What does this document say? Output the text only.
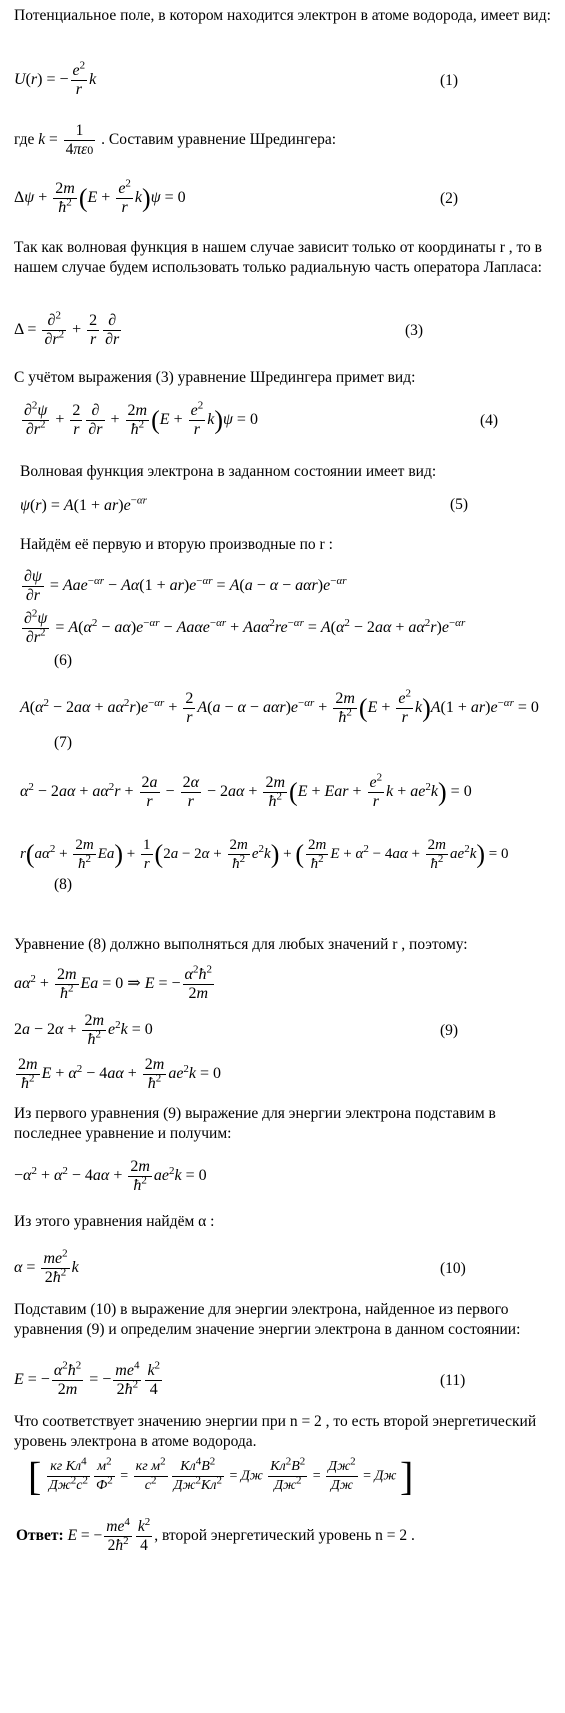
Потенциальное поле, в котором находится электрон в атоме водорода, имеет вид:
U(r) = − $\frac{e^2}{r}$ k	(1)
где $k = \frac{1}{4\pi\varepsilon 0}$ . Составим уравнение Шредингера:
$\Delta\psi + \frac{2m}{ħ^2} (E + \frac{e^2}{r} k)\psi = 0$	(2)
Так как волновая функция в нашем случае зависит только от координаты r , то в нашем случае будем использовать только радиальную часть оператора Лапласа:
$\Delta = \frac{\partial^2}{\partial r^2} + \frac{2}{r}$ ∂
∂r
(3)
С учётом выражения (3) уравнение Шредингера примет вид:
$\frac{\partial^2\psi}{\partial r^2} + \frac{2}{r}$ ∂
∂r
+ $\frac{2m}{ħ^2} (E + \frac{e^2}{r} k)\psi = 0$	(4)
Волновая функция электрона в заданном состоянии имеет вид:
$\psi(r) = A(1 + ar)e^{-\alpha r}$	(5)
Найдём её первую и вторую производные по r :
$\frac{\partial\psi}{\partial r} = Aae^{-\alpha r} - A\alpha(1 + ar)e^{-\alpha r} = A(a - \alpha - a\alpha r)e^{-\alpha r}$
$\frac{\partial^2\psi}{\partial r^2} = A(\alpha^2 - a\alpha)e^{-\alpha r} - Aa\alpha e^{-\alpha r} + Aa\alpha^2re^{-\alpha r} = A(\alpha^2 - 2a\alpha + a\alpha^2r)e^{-\alpha r}$
(6)
$A(\alpha^2 - 2a\alpha + a\alpha^2r)e^{-\alpha r} + \frac{2}{r} A(a - \alpha - a\alpha r)e^{-\alpha r} + \frac{2m}{ħ^2} (E + \frac{e^2}{r} k)A(1 + ar)e^{-\alpha r} = 0$
(7)
$\alpha^2 - 2a\alpha + a\alpha^2r + \frac{2a}{r} - \frac{2\alpha}{r} - 2a\alpha + \frac{2m}{ħ^2} (E$ + Ear + $\frac{e^2}{r}$ $k + ae^2k) = 0$
$r(a\alpha^2 + \frac{2m}{ħ^2} Ea) + \frac{1}{r} (2a - 2\alpha + \frac{2m}{ħ^2} e^2k)$ + ( $\frac{2m}{ħ^2}$ $E + \alpha^2 - 4a\alpha + \frac{2m}{ħ^2} ae^2k) = 0$
(8)
Уравнение (8) должно выполняться для любых значений r , поэтому:
$a\alpha^2 + \frac{2m}{ħ^2}$ Ea = 0 ⇒ E = − $\frac{\alpha^2ħ^2}{2m}$
$2a - 2\alpha + \frac{2m}{ħ^2} e^2k = 0$
$\frac{2m}{ħ^2}$ $E + \alpha^2 - 4a\alpha + \frac{2m}{ħ^2} ae^2k = 0$
(9)
Из первого уравнения (9) выражение для энергии электрона подставим в последнее уравнение и получим:
$-\alpha^2 + \alpha^2 - 4a\alpha + \frac{2m}{ħ^2} ae^2k = 0$
Из этого уравнения найдём α :
$\alpha = \frac{me^2}{2ħ^2}$ k	(10)
Подставим (10) в выражение для энергии электрона, найденное из первого уравнения (9) и определим значение энергии электрона в данном состоянии:
E = − $\frac{\alpha^2ħ^2}{2m}$ = − $\frac{me^4}{2ħ^2} \frac{k^2}{4}$	(11)
Что соответствует значению энергии при n = 2 , то есть второй энергетический уровень электрона в атоме водорода.
[ кг $Кл^4$
$Дж^2с^2$
$м^2$
$Ф^2$ =
кг $м^2$
$с^2$
$Кл^4В^2$
$Дж^2Кл^2$ = Дж
$Кл^2В^2$
$Дж^2$ =
$Дж^2$
Дж
= Дж ]
Ответ: E = − $\frac{me^4}{2ħ^2} \frac{k^2}{4}$ , второй энергетический уровень n = 2 .
